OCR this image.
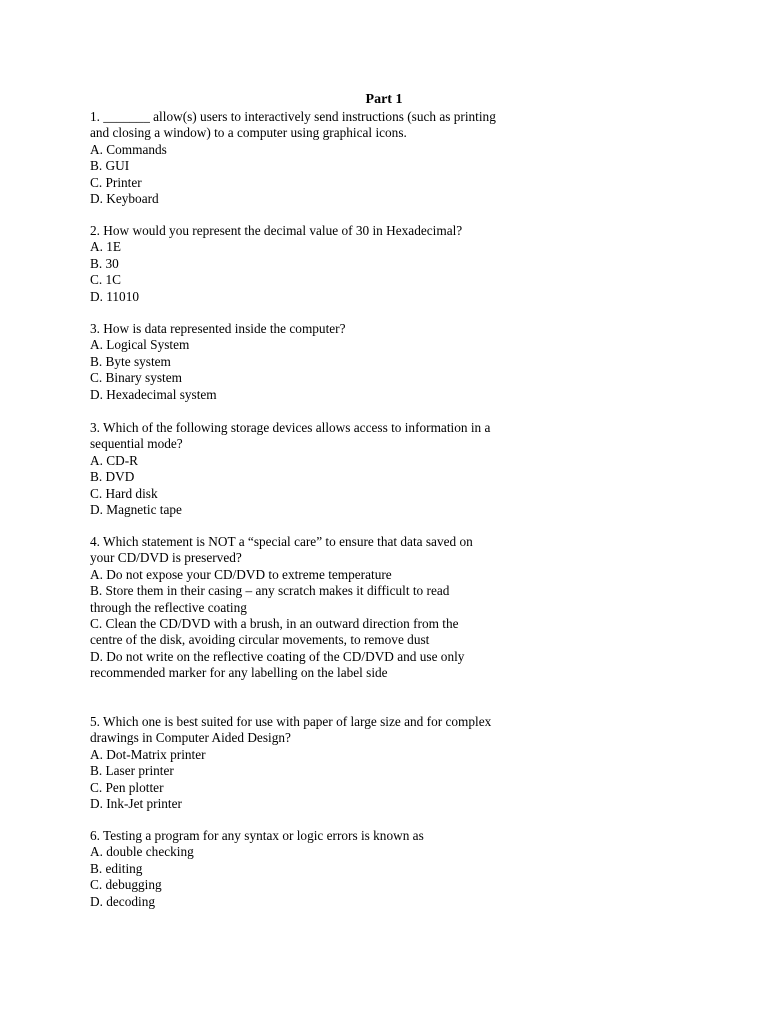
Part 1
1. _______ allow(s) users to interactively send instructions (such as printing
and closing a window) to a computer using graphical icons.
A. Commands
B. GUI
C. Printer
D. Keyboard
2. How would you represent the decimal value of 30 in Hexadecimal?
A. 1E
B. 30
C. 1C
D. 11010
3. How is data represented inside the computer?
A. Logical System
B. Byte system
C. Binary system
D. Hexadecimal system
3. Which of the following storage devices allows access to information in a
sequential mode?
A. CD-R
B. DVD
C. Hard disk
D. Magnetic tape
4. Which statement is NOT a “special care” to ensure that data saved on
your CD/DVD is preserved?
A. Do not expose your CD/DVD to extreme temperature
B. Store them in their casing – any scratch makes it difficult to read
through the reflective coating
C. Clean the CD/DVD with a brush, in an outward direction from the
centre of the disk, avoiding circular movements, to remove dust
D. Do not write on the reflective coating of the CD/DVD and use only
recommended marker for any labelling on the label side
5. Which one is best suited for use with paper of large size and for complex
drawings in Computer Aided Design?
A. Dot-Matrix printer
B. Laser printer
C. Pen plotter
D. Ink-Jet printer
6. Testing a program for any syntax or logic errors is known as
A. double checking
B. editing
C. debugging
D. decoding
